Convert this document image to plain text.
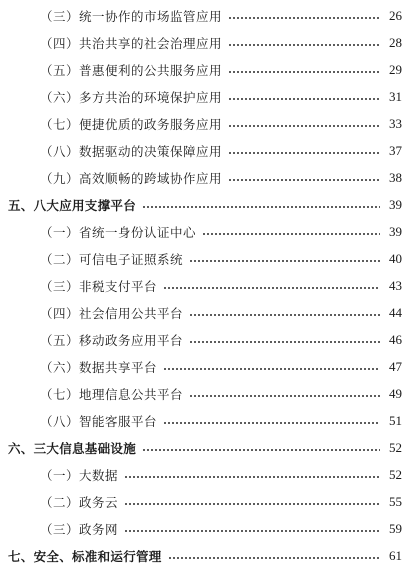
（三）统一协作的市场监管应用	26
（四）共治共享的社会治理应用	28
（五）普惠便利的公共服务应用	29
（六）多方共治的环境保护应用	31
（七）便捷优质的政务服务应用	33
（八）数据驱动的决策保障应用	37
（九）高效顺畅的跨域协作应用	38
五、八大应用支撑平台	39
（一）省统一身份认证中心	39
（二）可信电子证照系统	40
（三）非税支付平台	43
（四）社会信用公共平台	44
（五）移动政务应用平台	46
（六）数据共享平台	47
（七）地理信息公共平台	49
（八）智能客服平台	51
六、三大信息基础设施	52
（一）大数据	52
（二）政务云	55
（三）政务网	59
七、安全、标准和运行管理	61
